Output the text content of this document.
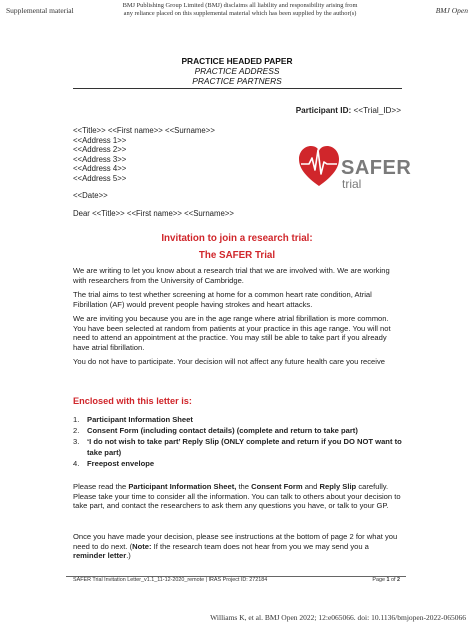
Supplemental material
BMJ Publishing Group Limited (BMJ) disclaims all liability and responsibility arising from any reliance placed on this supplemental material which has been supplied by the author(s)	BMJ Open
PRACTICE HEADED PAPER
PRACTICE ADDRESS
PRACTICE PARTNERS
Participant ID: <<Trial_ID>>
<<Title>> <<First name>> <<Surname>>
<<Address 1>>
<<Address 2>>
<<Address 3>>
<<Address 4>>
<<Address 5>>	SAFER
trial
<<Date>>
Dear <<Title>> <<First name>> <<Surname>>
Invitation to join a research trial:
The SAFER Trial
We are writing to let you know about a research trial that we are involved with. We are working with researchers from the University of Cambridge.
The trial aims to test whether screening at home for a common heart rate condition, Atrial Fibrillation (AF) would prevent people having strokes and heart attacks.
We are inviting you because you are in the age range where atrial fibrillation is more common. You have been selected at random from patients at your practice in this age range. You will not need to attend an appointment at the practice. You may still be able to take part if you already have atrial fibrillation.
You do not have to participate. Your decision will not affect any future health care you receive
Enclosed with this letter is:
1.	Participant Information Sheet
2.	Consent Form (including contact details) (complete and return to take part)
3.	‘I do not wish to take part’ Reply Slip (ONLY complete and return if you DO NOT want to take part)
4.	Freepost envelope
Please read the Participant Information Sheet, the Consent Form and Reply Slip carefully. Please take your time to consider all the information. You can talk to others about your decision to take part, and contact the researchers to ask them any questions you have, or talk to your GP.
Once you have made your decision, please see instructions at the bottom of page 2 for what you need to do next. (Note: If the research team does not hear from you we may send you a reminder letter.)
SAFER Trial Invitation Letter_v1.1_11-12-2020_remote | IRAS Project ID: 272184	Page 1 of 2
Williams K, et al. BMJ Open 2022; 12:e065066. doi: 10.1136/bmjopen-2022-065066
